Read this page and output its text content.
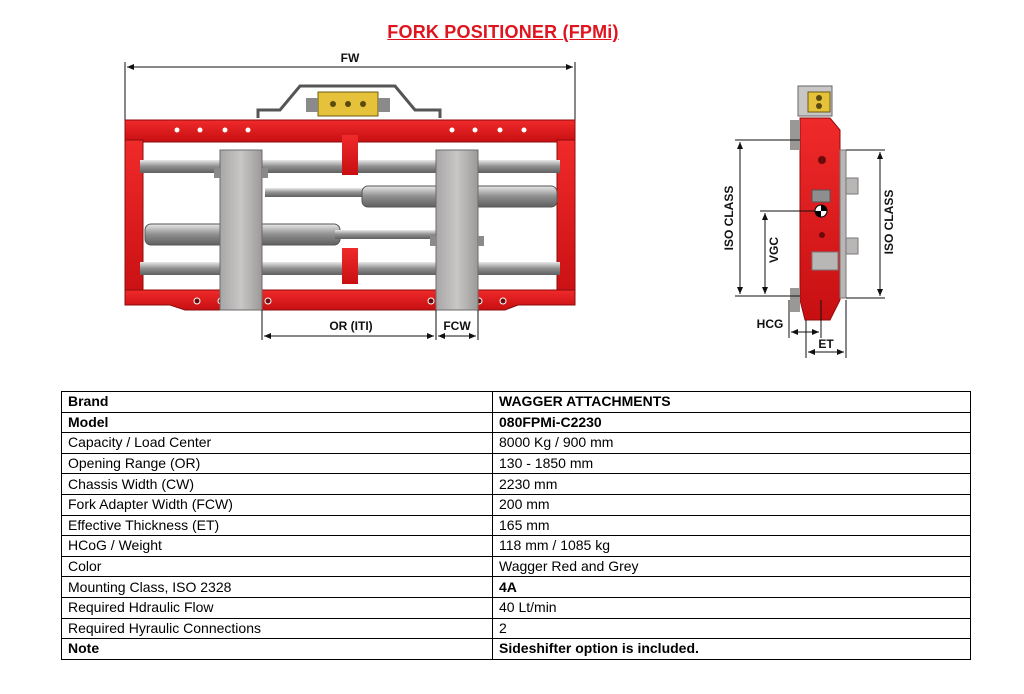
FORK POSITIONER (FPMi)
FW
OR (ITI)	FCW
ISO CLASS	VGC	ISO CLASS
HCG
ET
Brand	WAGGER ATTACHMENTS
Model	080FPMi-C2230
Capacity / Load Center	8000 Kg / 900 mm
Opening Range (OR)	130 - 1850 mm
Chassis Width (CW)	2230 mm
Fork Adapter Width (FCW)	200 mm
Effective Thickness (ET)	165 mm
HCoG / Weight	118 mm / 1085 kg
Color	Wagger Red and Grey
Mounting Class, ISO 2328	4A
Required Hdraulic Flow	40 Lt/min
Required Hyraulic Connections	2
Note	Sideshifter option is included.
